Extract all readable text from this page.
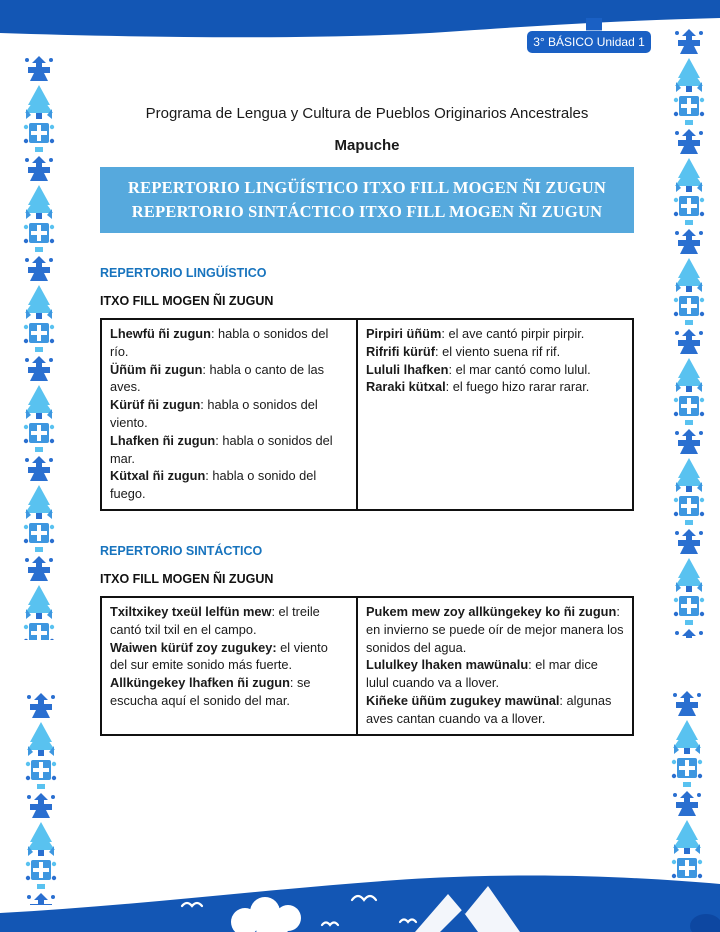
3° BÁSICO Unidad 1
Programa de Lengua y Cultura de Pueblos Originarios Ancestrales
Mapuche
REPERTORIO LINGÜÍSTICO ITXO FILL MOGEN ÑI ZUGUN
REPERTORIO SINTÁCTICO ITXO FILL MOGEN ÑI ZUGUN
REPERTORIO LINGÜÍSTICO
ITXO FILL MOGEN ÑI ZUGUN
Lhewfü ñi zugun: habla o sonidos del río.
Üñüm ñi zugun: habla o canto de las aves.
Kürüf ñi zugun: habla o sonidos del viento.
Lhafken ñi zugun: habla o sonidos del mar.
Kütxal ñi zugun: habla o sonido del fuego.
Pirpiri üñüm: el ave cantó pirpir pirpir.
Rifrifi kürüf: el viento suena rif rif.
Lululi lhafken: el mar cantó como lulul.
Raraki kütxal: el fuego hizo rarar rarar.
REPERTORIO SINTÁCTICO
ITXO FILL MOGEN ÑI ZUGUN
Txiltxikey txeül lelfün mew: el treile cantó txil txil en el campo.
Waiwen kürüf zoy zugukey: el viento del sur emite sonido más fuerte.
Allküngekey lhafken ñi zugun: se escucha aquí el sonido del mar.
Pukem mew zoy allküngekey ko ñi zugun: en invierno se puede oír de mejor manera los sonidos del agua.
Lululkey lhaken mawünalu: el mar dice lulul cuando va a llover.
Kiñeke üñüm zugukey mawünal: algunas aves cantan cuando va a llover.
